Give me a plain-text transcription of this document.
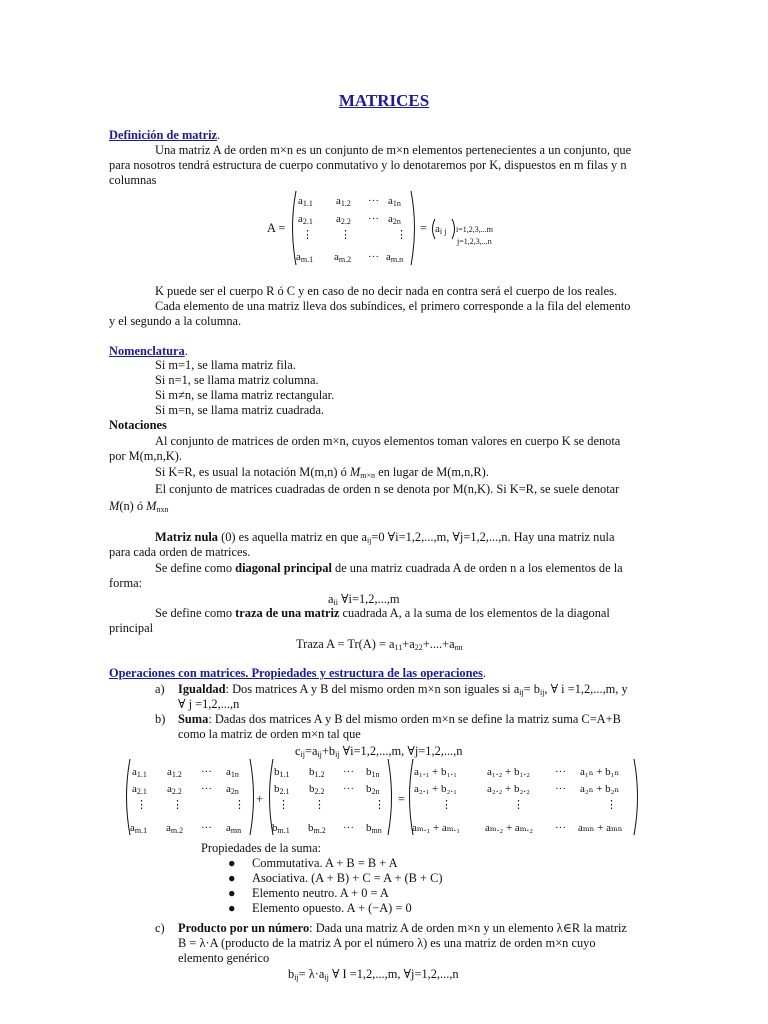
MATRICES
Definición de matriz.
Una matriz A de orden m×n es un conjunto de m×n elementos pertenecientes a un conjunto, que
para nosotros tendrá estructura de cuerpo conmutativo y lo denotaremos por K, dispuestos en m filas y n
columnas
A =
$a_{1.1}$ $a_{1.2}$ ··· $a_{1n}$
$a_{2.1}$ $a_{2.2}$ ··· $a_{2n}$
⋮ ⋮	⋮
$a_{m.1}$ $a_{m.2}$ ··· $a_{m.n}$
= $a_{i j}$ i=1,2,3,...m
j=1,2,3,...n
K puede ser el cuerpo R ó C y en caso de no decir nada en contra será el cuerpo de los reales.
Cada elemento de una matriz lleva dos subíndices, el primero corresponde a la fila del elemento
y el segundo a la columna.
Nomenclatura.
Si m=1, se llama matriz fila.
Si n=1, se llama matriz columna.
Si m≠n, se llama matriz rectangular.
Si m=n, se llama matriz cuadrada.
Notaciones
Al conjunto de matrices de orden m×n, cuyos elementos toman valores en cuerpo K se denota
por M(m,n,K).
Si K=R, es usual la notación M(m,n) ó $M_{m\times n}$ en lugar de M(m,n,R).
El conjunto de matrices cuadradas de orden n se denota por M(n,K). Si K=R, se suele denotar
M(n) ó $M_{nxn}$
Matriz nula (0) es aquella matriz en que $a_{ij}=0$ ∀i=1,2,...,m, ∀j=1,2,...,n. Hay una matriz nula
para cada orden de matrices.
Se define como diagonal principal de una matriz cuadrada A de orden n a los elementos de la
forma:
$a_{ii}$ ∀i=1,2,...,m
Se define como traza de una matriz cuadrada A, a la suma de los elementos de la diagonal
principal
Traza $A = Tr(A) = a_{11}+a_{22}+....+a_{nn}$
Operaciones con matrices. Propiedades y estructura de las operaciones.
a) Igualdad: Dos matrices A y B del mismo orden m×n son iguales si $a_{ij}= b_{ij}$, ∀ i =1,2,...,m, y
∀ j =1,2,...,n
b) Suma: Dadas dos matrices A y B del mismo orden m×n se define la matriz suma C=A+B
como la matriz de orden m×n tal que
$c_{ij}=a_{ij}+b_{ij}$ ∀i=1,2,...,m, ∀j=1,2,...,n
$a_{1.1}$ $a_{1.2}$ ··· $a_{1n}$
$a_{2.1}$ $a_{2.2}$ ··· $a_{2n}$
⋮ ⋮	⋮
$a_{m.1}$ $a_{m.2}$ ··· $a_{mn}$
+
$b_{1.1}$ $b_{1.2}$ ··· $b_{1n}$
$b_{2.1}$ $b_{2.2}$ ··· $b_{2n}$
⋮ ⋮	⋮
$b_{m.1}$ $b_{m.2}$ ··· $b_{mn}$
=
a₁.₁ + b₁.₁	a₁.₂ + b₁.₂ ··· a₁ₙ + b₁ₙ
a₂.₁ + b₂.₁	a₂.₂ + b₂.₂ ··· a₂ₙ + b₂ₙ
⋮	⋮	⋮
aₘ.₁ + aₘ.₁ aₘ.₂ + aₘ.₂ ··· aₘₙ + aₘₙ
Propiedades de la suma:
● Commutativa. A + B = B + A
● Asociativa. (A + B) + C = A + (B + C)
● Elemento neutro. A + 0 = A
● Elemento opuesto. A + (−A) = 0
c) Producto por un número: Dada una matriz A de orden m×n y un elemento λ∈R la matriz
B = λ·A (producto de la matriz A por el número λ) es una matriz de orden m×n cuyo
elemento genérico
$b_{ij}= \lambda\cdot a_{ij}$ ∀ I =1,2,...,m, ∀j=1,2,...,n
